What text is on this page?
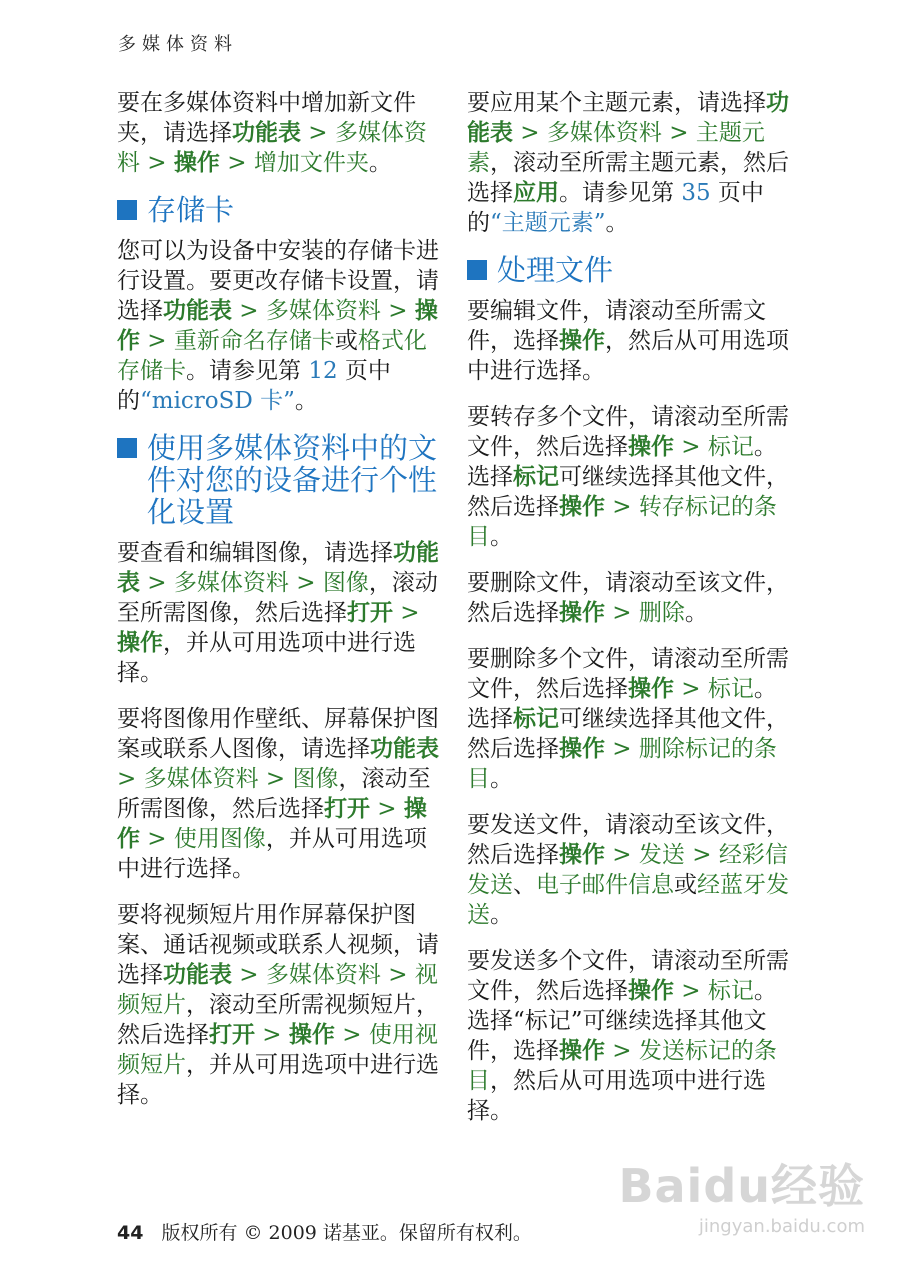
多媒体资料

要在多媒体资料中增加新文件夹，请选择功能表 > 多媒体资料 > 操作 > 增加文件夹。

存储卡

您可以为设备中安装的存储卡进行设置。要更改存储卡设置，请选择功能表 > 多媒体资料 > 操作 > 重新命名存储卡或格式化存储卡。请参见第 12 页中的“microSD 卡”。

使用多媒体资料中的文件对您的设备进行个性化设置

要查看和编辑图像，请选择功能表 > 多媒体资料 > 图像，滚动至所需图像，然后选择打开 > 操作，并从可用选项中进行选择。

要将图像用作壁纸、屏幕保护图案或联系人图像，请选择功能表 > 多媒体资料 > 图像，滚动至所需图像，然后选择打开 > 操作 > 使用图像，并从可用选项中进行选择。

要将视频短片用作屏幕保护图案、通话视频或联系人视频，请选择功能表 > 多媒体资料 > 视频短片，滚动至所需视频短片，然后选择打开 > 操作 > 使用视频短片，并从可用选项中进行选择。

要应用某个主题元素，请选择功能表 > 多媒体资料 > 主题元素，滚动至所需主题元素，然后选择应用。请参见第 35 页中的“主题元素”。

处理文件

要编辑文件，请滚动至所需文件，选择操作，然后从可用选项中进行选择。

要转存多个文件，请滚动至所需文件，然后选择操作 > 标记。选择标记可继续选择其他文件，然后选择操作 > 转存标记的条目。

要删除文件，请滚动至该文件，然后选择操作 > 删除。

要删除多个文件，请滚动至所需文件，然后选择操作 > 标记。选择标记可继续选择其他文件，然后选择操作 > 删除标记的条目。

要发送文件，请滚动至该文件，然后选择操作 > 发送 > 经彩信发送、电子邮件信息或经蓝牙发送。

要发送多个文件，请滚动至所需文件，然后选择操作 > 标记。选择“标记”可继续选择其他文件，选择操作 > 发送标记的条目，然后从可用选项中进行选择。

Baidu经验
jingyan.baidu.com
44 版权所有 © 2009 诺基亚。保留所有权利。
